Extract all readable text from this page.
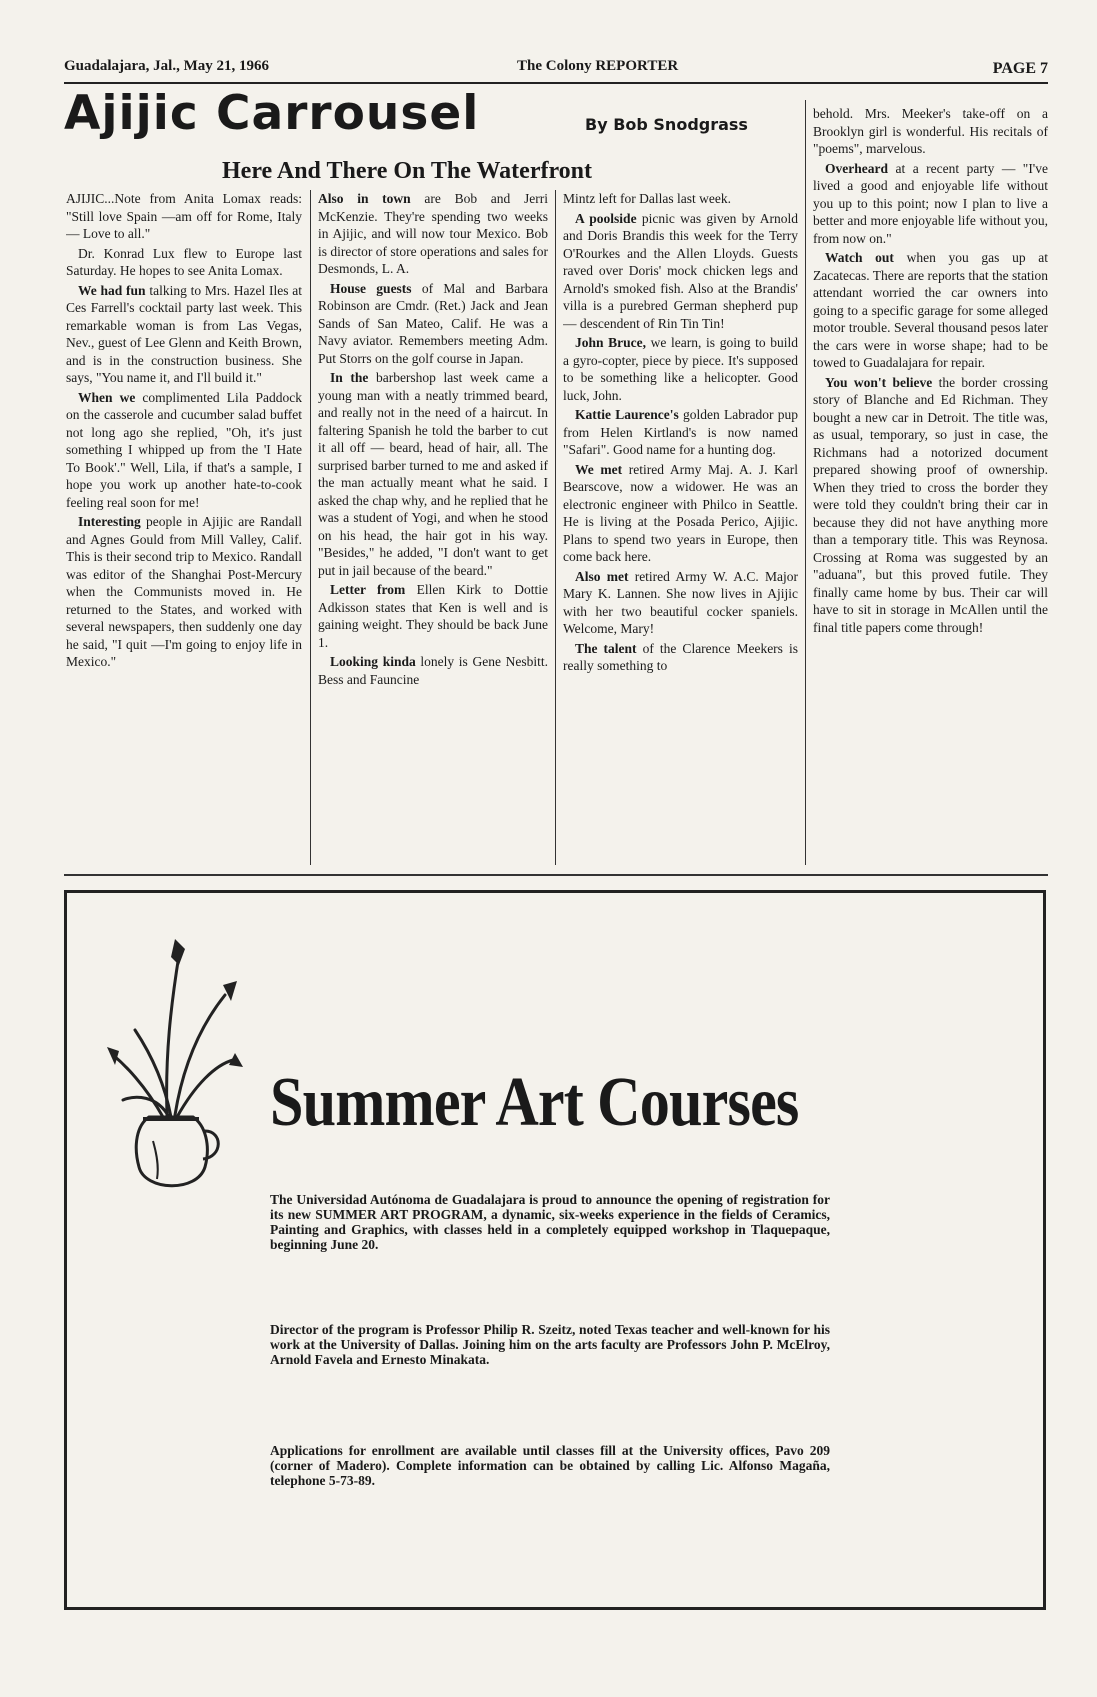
Guadalajara, Jal., May 21, 1966	The Colony REPORTER	PAGE 7
Ajijic Carrousel	By Bob Snodgrass
Here And There On The Waterfront

AJIJIC...Note from Anita Lomax reads: "Still love Spain —am off for Rome, Italy— Love to all."

Dr. Konrad Lux flew to Europe last Saturday. He hopes to see Anita Lomax.

We had fun talking to Mrs. Hazel Iles at Ces Farrell's cocktail party last week. This remarkable woman is from Las Vegas, Nev., guest of Lee Glenn and Keith Brown, and is in the construction business. She says, "You name it, and I'll build it."

When we complimented Lila Paddock on the casserole and cucumber salad buffet not long ago she replied, "Oh, it's just something I whipped up from the 'I Hate To Book'." Well, Lila, if that's a sample, I hope you work up another hate-to-cook feeling real soon for me!

Interesting people in Ajijic are Randall and Agnes Gould from Mill Valley, Calif. This is their second trip to Mexico. Randall was editor of the Shanghai Post-Mercury when the Communists moved in. He returned to the States, and worked with several newspapers, then suddenly one day he said, "I quit —I'm going to enjoy life in Mexico."

Also in town are Bob and Jerri McKenzie. They're spending two weeks in Ajijic, and will now tour Mexico. Bob is director of store operations and sales for Desmonds, L. A.

House guests of Mal and Barbara Robinson are Cmdr. (Ret.) Jack and Jean Sands of San Mateo, Calif. He was a Navy aviator. Remembers meeting Adm. Put Storrs on the golf course in Japan.

In the barbershop last week came a young man with a neatly trimmed beard, and really not in the need of a haircut. In faltering Spanish he told the barber to cut it all off — beard, head of hair, all. The surprised barber turned to me and asked if the man actually meant what he said. I asked the chap why, and he replied that he was a student of Yogi, and when he stood on his head, the hair got in his way. "Besides," he added, "I don't want to get put in jail because of the beard."

Letter from Ellen Kirk to Dottie Adkisson states that Ken is well and is gaining weight. They should be back June 1.

Looking kinda lonely is Gene Nesbitt. Bess and Fauncine

Mintz left for Dallas last week.

A poolside picnic was given by Arnold and Doris Brandis this week for the Terry O'Rourkes and the Allen Lloyds. Guests raved over Doris' mock chicken legs and Arnold's smoked fish. Also at the Brandis' villa is a purebred German shepherd pup — descendent of Rin Tin Tin!

John Bruce, we learn, is going to build a gyro-copter, piece by piece. It's supposed to be something like a helicopter. Good luck, John.

Kattie Laurence's golden Labrador pup from Helen Kirtland's is now named "Safari". Good name for a hunting dog.

We met retired Army Maj. A. J. Karl Bearscove, now a widower. He was an electronic engineer with Philco in Seattle. He is living at the Posada Perico, Ajijic. Plans to spend two years in Europe, then come back here.

Also met retired Army W. A.C. Major Mary K. Lannen. She now lives in Ajijic with her two beautiful cocker spaniels. Welcome, Mary!

The talent of the Clarence Meekers is really something to

behold. Mrs. Meeker's take-off on a Brooklyn girl is wonderful. His recitals of "poems", marvelous.

Overheard at a recent party — "I've lived a good and enjoyable life without you up to this point; now I plan to live a better and more enjoyable life without you, from now on."

Watch out when you gas up at Zacatecas. There are reports that the station attendant worried the car owners into going to a specific garage for some alleged motor trouble. Several thousand pesos later the cars were in worse shape; had to be towed to Guadalajara for repair.

You won't believe the border crossing story of Blanche and Ed Richman. They bought a new car in Detroit. The title was, as usual, temporary, so just in case, the Richmans had a notorized document prepared showing proof of ownership. When they tried to cross the border they were told they couldn't bring their car in because they did not have anything more than a temporary title. This was Reynosa. Crossing at Roma was suggested by an "aduana", but this proved futile. They finally came home by bus. Their car will have to sit in storage in McAllen until the final title papers come through!

Summer Art Courses

The Universidad Autónoma de Guadalajara is proud to announce the opening of registration for its new SUMMER ART PROGRAM, a dynamic, six-weeks experience in the fields of Ceramics, Painting and Graphics, with classes held in a completely equipped workshop in Tlaquepaque, beginning June 20.

Director of the program is Professor Philip R. Szeitz, noted Texas teacher and well-known for his work at the University of Dallas. Joining him on the arts faculty are Professors John P. McElroy, Arnold Favela and Ernesto Minakata.

Applications for enrollment are available until classes fill at the University offices, Pavo 209 (corner of Madero). Complete information can be obtained by calling Lic. Alfonso Magaña, telephone 5-73-89.
